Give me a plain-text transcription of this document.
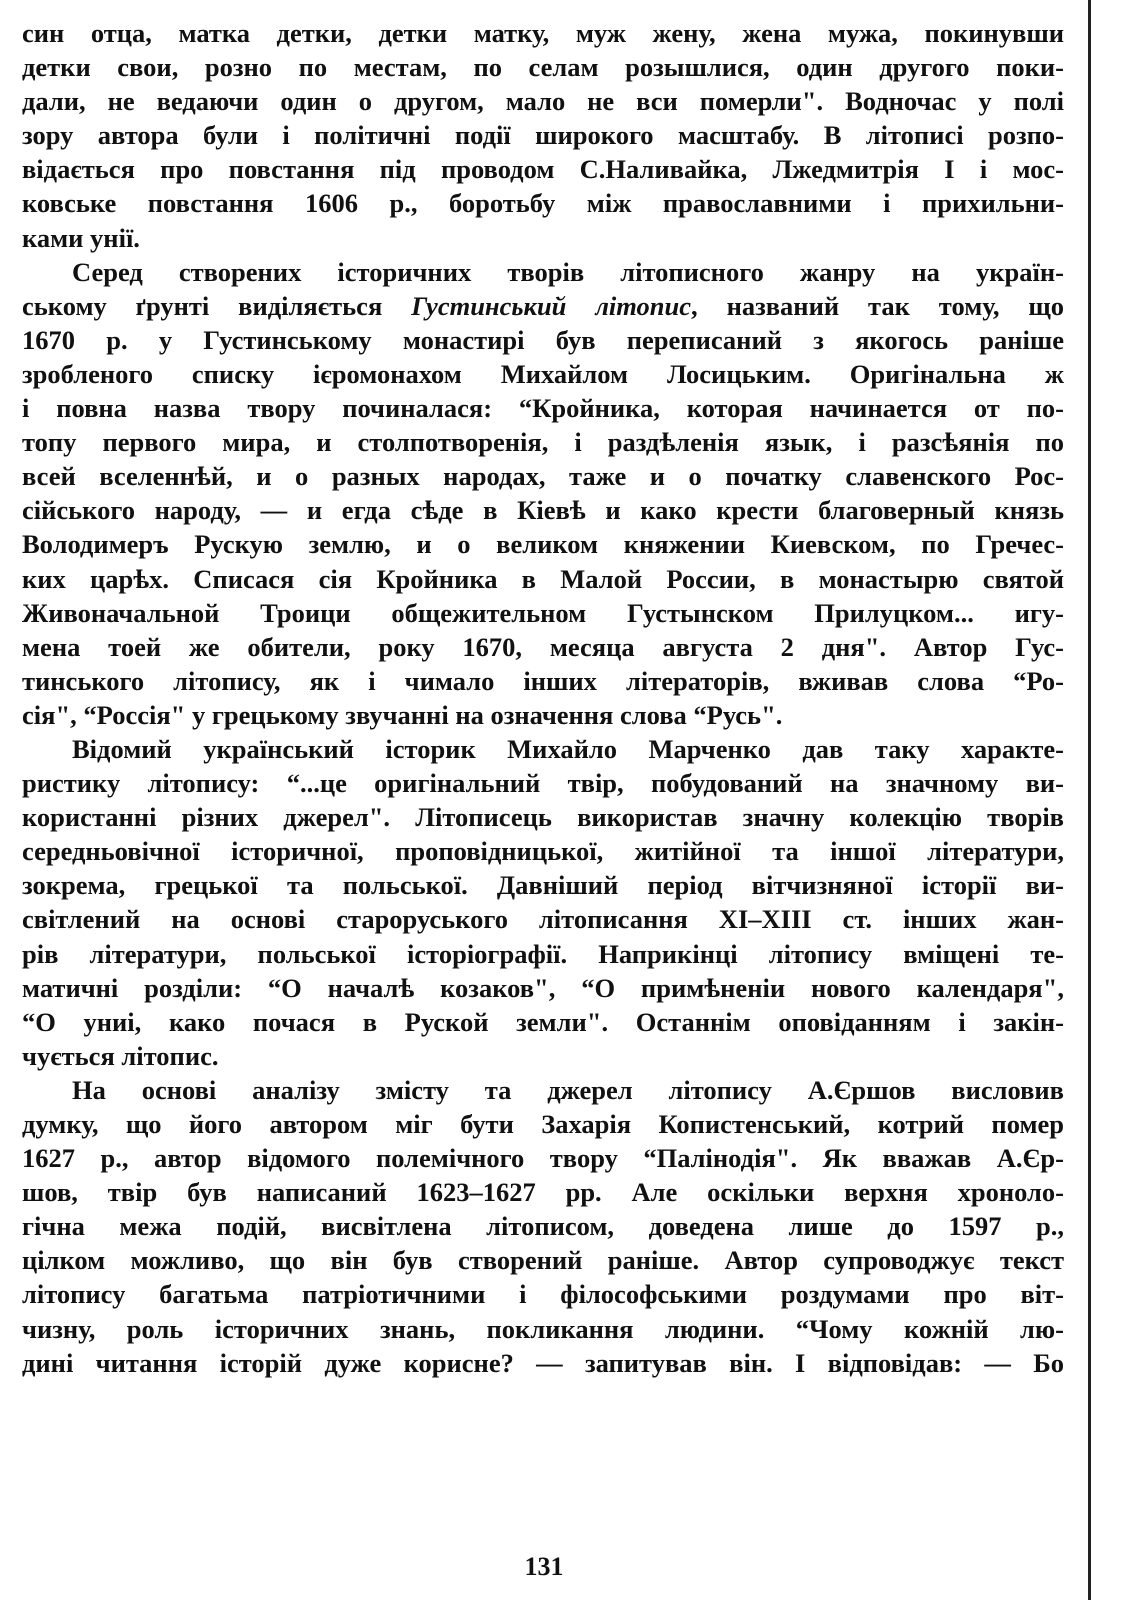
син отца, матка детки, детки матку, муж жену, жена мужа, покинувши
детки свои, розно по местам, по селам розышлися, один другого поки-
дали, не ведаючи один о другом, мало не вси померли". Водночас у полі
зору автора були і політичні події широкого масштабу. В літописі розпо-
відається про повстання під проводом С.Наливайка, Лжедмитрія І і мос-
ковське повстання 1606 р., боротьбу між православними і прихильни-
ками унії.
Серед створених історичних творів літописного жанру на україн-
ському ґрунті виділяється Густинський літопис, названий так тому, що
1670 р. у Густинському монастирі був переписаний з якогось раніше
зробленого списку ієромонахом Михайлом Лосицьким. Оригінальна ж
і повна назва твору починалася: “Кройника, которая начинается от по-
топу первого мира, и столпотворенія, і раздѣленія язык, і разсѣянія по
всей вселеннѣй, и о разных народах, таже и о початку славенского Рос-
сійського народу, — и егда сѣде в Кіевѣ и како крести благоверный князь
Володимеръ Рускую землю, и о великом княжении Киевском, по Гречес-
ких царѣх. Списася сія Кройника в Малой России, в монастырю святой
Живоначальной Троици общежительном Густынском Прилуцком... игу-
мена тоей же обители, року 1670, месяца августа 2 дня". Автор Гус-
тинського літопису, як і чимало інших літераторів, вживав слова “Ро-
сія", “Россія" у грецькому звучанні на означення слова “Русь".
Відомий український історик Михайло Марченко дав таку характе-
ристику літопису: “...це оригінальний твір, побудований на значному ви-
користанні різних джерел". Літописець використав значну колекцію творів
середньовічної історичної, проповідницької, житійної та іншої літератури,
зокрема, грецької та польської. Давніший період вітчизняної історії ви-
світлений на основі староруського літописання XI–XIII ст. інших жан-
рів літератури, польської історіографії. Наприкінці літопису вміщені те-
матичні розділи: “О началѣ козаков", “О примѣненіи нового календаря",
“О униi, како почася в Руской земли". Останнім оповіданням і закін-
чується літопис.
На основі аналізу змісту та джерел літопису А.Єршов висловив
думку, що його автором міг бути Захарія Копистенський, котрий помер
1627 р., автор відомого полемічного твору “Палінодія". Як вважав А.Єр-
шов, твір був написаний 1623–1627 рр. Але оскільки верхня хроноло-
гічна межа подій, висвітлена літописом, доведена лише до 1597 р.,
цілком можливо, що він був створений раніше. Автор супроводжує текст
літопису багатьма патріотичними і філософськими роздумами про віт-
чизну, роль історичних знань, покликання людини. “Чому кожній лю-
дині читання історій дуже корисне? — запитував він. І відповідав: — Бо
131
